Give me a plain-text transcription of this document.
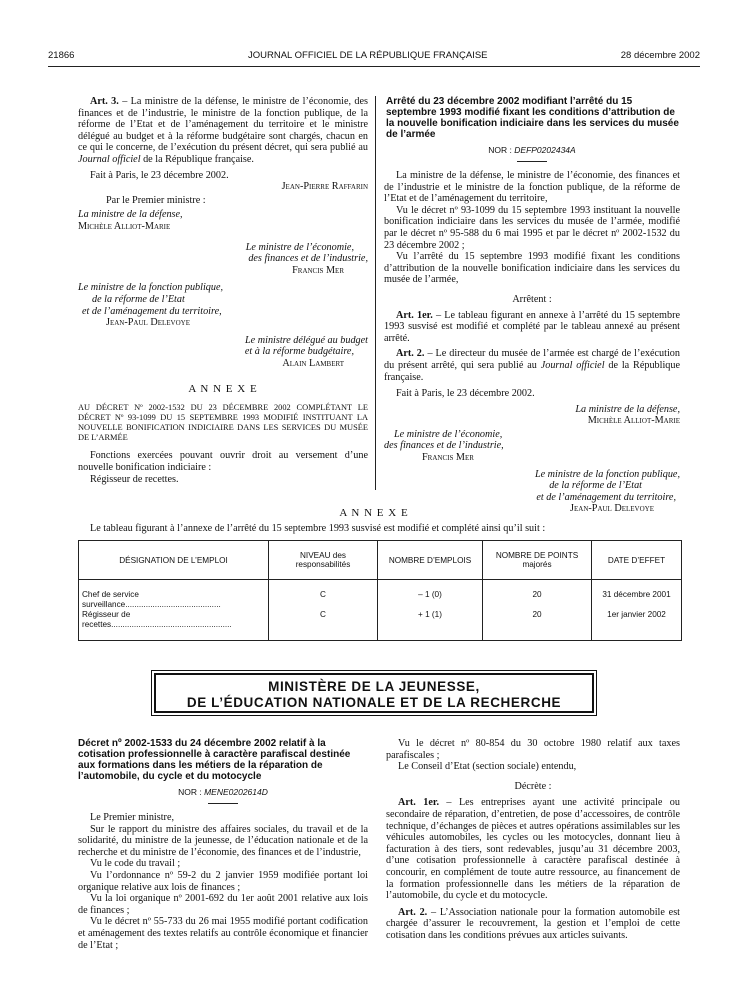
21866	JOURNAL OFFICIEL DE LA RÉPUBLIQUE FRANÇAISE	28 décembre 2002

Art. 3. – La ministre de la défense, le ministre de l’économie, des finances et de l’industrie, le ministre de la fonction publique, de la réforme de l’Etat et de l’aménagement du territoire et le ministre délégué au budget et à la réforme budgétaire sont chargés, chacun en ce qui le concerne, de l’exécution du présent décret, qui sera publié au Journal officiel de la République française.

Fait à Paris, le 23 décembre 2002.

Jean-Pierre Raffarin

Par le Premier ministre :

La ministre de la défense,

Michèle Alliot-Marie

Le ministre de l’économie,

des finances et de l’industrie,

Francis Mer

Le ministre de la fonction publique,

de la réforme de l’Etat

et de l’aménagement du territoire,

Jean-Paul Delevoye

Le ministre délégué au budget

et à la réforme budgétaire,

Alain Lambert

A N N E X E

AU DÉCRET Nº 2002-1532 DU 23 DÉCEMBRE 2002 COMPLÉTANT LE DÉCRET Nº 93-1099 DU 15 SEPTEMBRE 1993 MODIFIÉ INSTITUANT LA NOUVELLE BONIFICATION INDICIAIRE DANS LES SERVICES DU MUSÉE DE L’ARMÉE

Fonctions exercées pouvant ouvrir droit au versement d’une nouvelle bonification indiciaire :

Régisseur de recettes.

Arrêté du 23 décembre 2002 modifiant l’arrêté du 15 septembre 1993 modifié fixant les conditions d’attribution de la nouvelle bonification indiciaire dans les services du musée de l’armée

NOR : DEFP0202434A

La ministre de la défense, le ministre de l’économie, des finances et de l’industrie et le ministre de la fonction publique, de la réforme de l’Etat et de l’aménagement du territoire,

Vu le décret nº 93-1099 du 15 septembre 1993 instituant la nouvelle bonification indiciaire dans les services du musée de l’armée, modifié par le décret nº 95-588 du 6 mai 1995 et par le décret nº 2002-1532 du 23 décembre 2002 ;

Vu l’arrêté du 15 septembre 1993 modifié fixant les conditions d’attribution de la nouvelle bonification indiciaire dans les services du musée de l’armée,

Arrêtent :

Art. 1er. – Le tableau figurant en annexe à l’arrêté du 15 septembre 1993 susvisé est modifié et complété par le tableau annexé au présent arrêté.

Art. 2. – Le directeur du musée de l’armée est chargé de l’exécution du présent arrêté, qui sera publié au Journal officiel de la République française.

Fait à Paris, le 23 décembre 2002.

La ministre de la défense,

Michèle Alliot-Marie

Le ministre de l’économie,

des finances et de l’industrie,

Francis Mer

Le ministre de la fonction publique,

de la réforme de l’Etat

et de l’aménagement du territoire,

Jean-Paul Delevoye

A N N E X E

Le tableau figurant à l’annexe de l’arrêté du 15 septembre 1993 susvisé est modifié et complété ainsi qu’il suit :

DÉSIGNATION DE L’EMPLOI	NIVEAU des responsabilités	NOMBRE D’EMPLOIS	NOMBRE DE POINTS majorés	DATE D’EFFET
Chef de service surveillance..........................................	C	– 1 (0)	20	31 décembre 2001
Régisseur de recettes.....................................................	C	+ 1 (1)	20	1er janvier 2002
MINISTÈRE DE LA JEUNESSE,
DE L’ÉDUCATION NATIONALE ET DE LA RECHERCHE

Décret nº 2002-1533 du 24 décembre 2002 relatif à la cotisation professionnelle à caractère parafiscal destinée aux formations dans les métiers de la réparation de l’automobile, du cycle et du motocycle

NOR : MENE0202614D

Le Premier ministre,

Sur le rapport du ministre des affaires sociales, du travail et de la solidarité, du ministre de la jeunesse, de l’éducation nationale et de la recherche et du ministre de l’économie, des finances et de l’industrie,

Vu le code du travail ;

Vu l’ordonnance nº 59-2 du 2 janvier 1959 modifiée portant loi organique relative aux lois de finances ;

Vu la loi organique nº 2001-692 du 1er août 2001 relative aux lois de finances ;

Vu le décret nº 55-733 du 26 mai 1955 modifié portant codification et aménagement des textes relatifs au contrôle économique et financier de l’Etat ;

Vu le décret nº 80-854 du 30 octobre 1980 relatif aux taxes parafiscales ;

Le Conseil d’Etat (section sociale) entendu,

Décrète :

Art. 1er. – Les entreprises ayant une activité principale ou secondaire de réparation, d’entretien, de pose d’accessoires, de contrôle technique, d’échanges de pièces et autres opérations assimilables sur les véhicules automobiles, les cycles ou les motocycles, donnant lieu à facturation à des tiers, sont redevables, jusqu’au 31 décembre 2003, d’une cotisation professionnelle à caractère parafiscal destinée à concourir, en complément de toute autre ressource, au financement de la formation professionnelle dans les métiers de la réparation de l’automobile, du cycle et du motocycle.

Art. 2. – L’Association nationale pour la formation automobile est chargée d’assurer le recouvrement, la gestion et l’emploi de cette cotisation dans les conditions prévues aux articles suivants.
